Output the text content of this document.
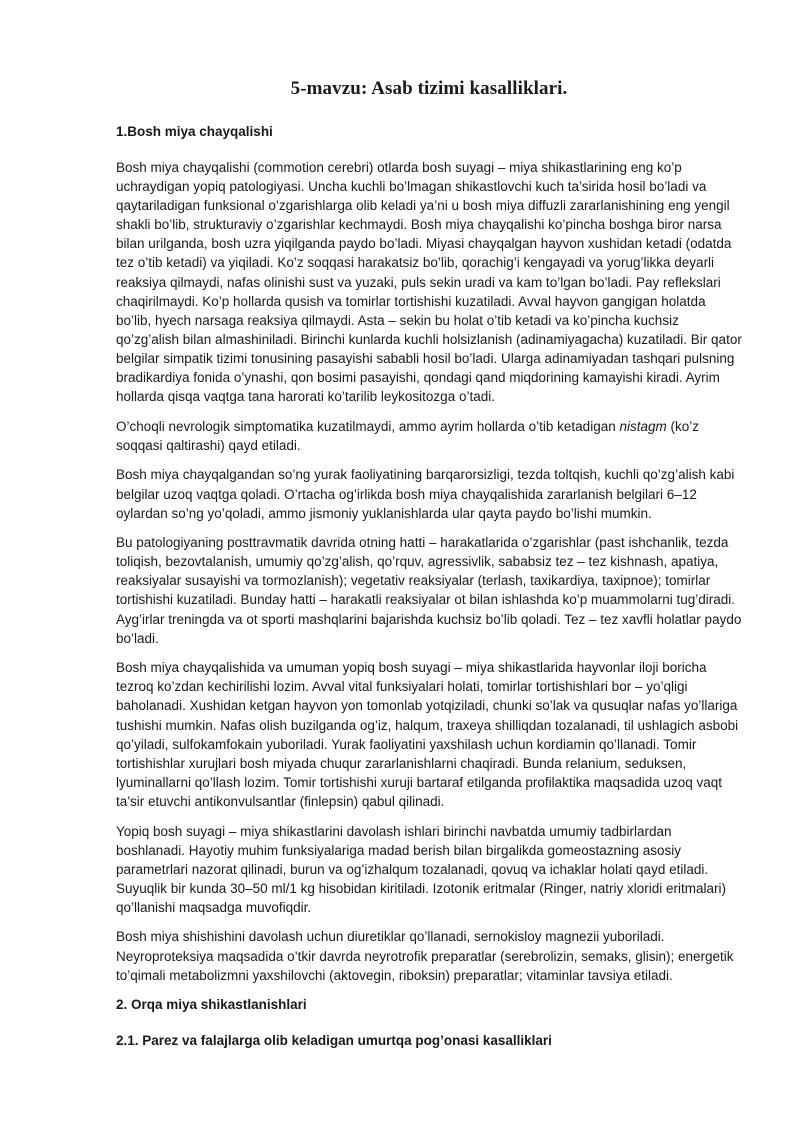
5-mavzu: Asab tizimi kasalliklari.
1.Bosh miya chayqalishi

Bosh miya chayqalishi (commotion cerebri) otlarda bosh suyagi – miya shikastlarining eng ko’p uchraydigan yopiq patologiyasi. Uncha kuchli bo’lmagan shikastlovchi kuch ta’sirida hosil bo’ladi va qaytariladigan funksional o’zgarishlarga olib keladi ya’ni u bosh miya diffuzli zararlanishining eng yengil shakli bo’lib, strukturaviy o’zgarishlar kechmaydi. Bosh miya chayqalishi ko’pincha boshga biror narsa bilan urilganda, bosh uzra yiqilganda paydo bo’ladi. Miyasi chayqalgan hayvon xushidan ketadi (odatda tez o’tib ketadi) va yiqiladi. Ko’z soqqasi harakatsiz bo’lib, qorachig’i kengayadi va yorug’likka deyarli reaksiya qilmaydi, nafas olinishi sust va yuzaki, puls sekin uradi va kam to’lgan bo’ladi. Pay reflekslari chaqirilmaydi. Ko’p hollarda qusish va tomirlar tortishishi kuzatiladi. Avval hayvon gangigan holatda bo’lib, hyech narsaga reaksiya qilmaydi. Asta – sekin bu holat o’tib ketadi va ko’pincha kuchsiz qo’zg’alish bilan almashiniladi. Birinchi kunlarda kuchli holsizlanish (adinamiyagacha) kuzatiladi. Bir qator belgilar simpatik tizimi tonusining pasayishi sababli hosil bo’ladi. Ularga adinamiyadan tashqari pulsning bradikardiya fonida o’ynashi, qon bosimi pasayishi, qondagi qand miqdorining kamayishi kiradi. Ayrim hollarda qisqa vaqtga tana harorati ko’tarilib leykositozga o’tadi.

O’choqli nevrologik simptomatika kuzatilmaydi, ammo ayrim hollarda o’tib ketadigan nistagm (ko’z soqqasi qaltirashi) qayd etiladi.

Bosh miya chayqalgandan so’ng yurak faoliyatining barqarorsizligi, tezda toltqish, kuchli qo’zg’alish kabi belgilar uzoq vaqtga qoladi. O’rtacha og’irlikda bosh miya chayqalishida zararlanish belgilari 6–12 oylardan so’ng yo’qoladi, ammo jismoniy yuklanishlarda ular qayta paydo bo’lishi mumkin.

Bu patologiyaning posttravmatik davrida otning hatti – harakatlarida o’zgarishlar (past ishchanlik, tezda toliqish, bezovtalanish, umumiy qo’zg’alish, qo’rquv, agressivlik, sababsiz tez – tez kishnash, apatiya, reaksiyalar susayishi va tormozlanish); vegetativ reaksiyalar (terlash, taxikardiya, taxipnoe); tomirlar tortishishi kuzatiladi. Bunday hatti – harakatli reaksiyalar ot bilan ishlashda ko’p muammolarni tug’diradi. Ayg’irlar treningda va ot sporti mashqlarini bajarishda kuchsiz bo’lib qoladi. Tez – tez xavfli holatlar paydo bo’ladi.

Bosh miya chayqalishida va umuman yopiq bosh suyagi – miya shikastlarida hayvonlar iloji boricha tezroq ko’zdan kechirilishi lozim. Avval vital funksiyalari holati, tomirlar tortishishlari bor – yo’qligi baholanadi. Xushidan ketgan hayvon yon tomonlab yotqiziladi, chunki so’lak va qusuqlar nafas yo’llariga tushishi mumkin. Nafas olish buzilganda og’iz, halqum, traxeya shilliqdan tozalanadi, til ushlagich asbobi qo’yiladi, sulfokamfokain yuboriladi. Yurak faoliyatini yaxshilash uchun kordiamin qo’llanadi. Tomir tortishishlar xurujlari bosh miyada chuqur zararlanishlarni chaqiradi. Bunda relanium, seduksen, lyuminallarni qo’llash lozim. Tomir tortishishi xuruji bartaraf etilganda profilaktika maqsadida uzoq vaqt ta’sir etuvchi antikonvulsantlar (finlepsin) qabul qilinadi.

Yopiq bosh suyagi – miya shikastlarini davolash ishlari birinchi navbatda umumiy tadbirlardan boshlanadi. Hayotiy muhim funksiyalariga madad berish bilan birgalikda gomeostazning asosiy parametrlari nazorat qilinadi, burun va og’izhalqum tozalanadi, qovuq va ichaklar holati qayd etiladi. Suyuqlik bir kunda 30–50 ml/1 kg hisobidan kiritiladi. Izotonik eritmalar (Ringer, natriy xloridi eritmalari) qo’llanishi maqsadga muvofiqdir.

Bosh miya shishishini davolash uchun diuretiklar qo’llanadi, sernokisloy magnezii yuboriladi. Neyroproteksiya maqsadida o’tkir davrda neyrotrofik preparatlar (serebrolizin, semaks, glisin); energetik to’qimali metabolizmni yaxshilovchi (aktovegin, riboksin) preparatlar; vitaminlar tavsiya etiladi.

2. Orqa miya shikastlanishlari
2.1. Parez va falajlarga olib keladigan umurtqa pog’onasi kasalliklari
